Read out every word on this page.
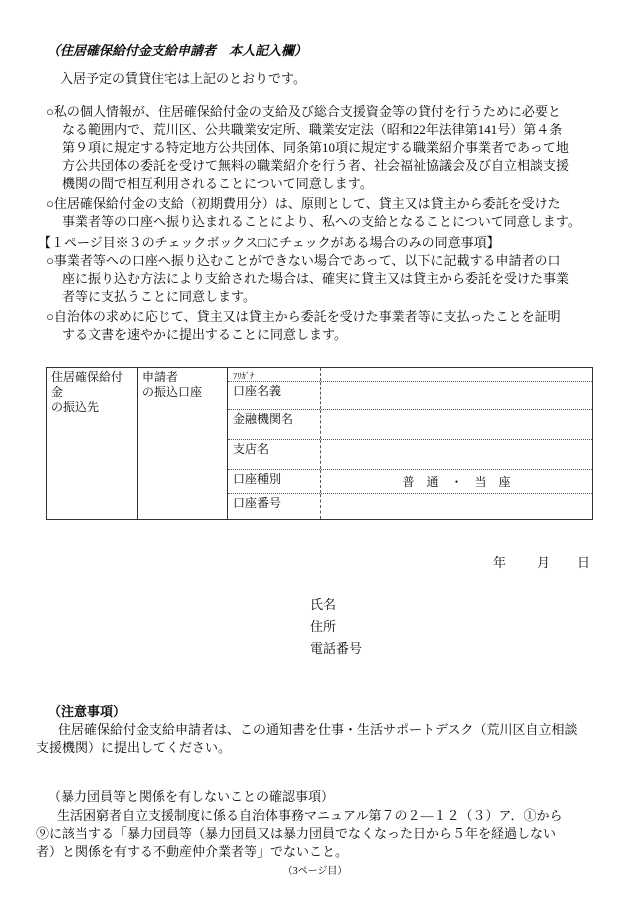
（住居確保給付金支給申請者　本人記入欄）
入居予定の賃貸住宅は上記のとおりです。
○私の個人情報が、住居確保給付金の支給及び総合支援資金等の貸付を行うために必要と
なる範囲内で、荒川区、公共職業安定所、職業安定法（昭和22年法律第141号）第４条
第９項に規定する特定地方公共団体、同条第10項に規定する職業紹介事業者であって地
方公共団体の委託を受けて無料の職業紹介を行う者、社会福祉協議会及び自立相談支援
機関の間で相互利用されることについて同意します。
○住居確保給付金の支給（初期費用分）は、原則として、貸主又は貸主から委託を受けた
事業者等の口座へ振り込まれることにより、私への支給となることについて同意します。
【１ページ目※３のチェックボックス□にチェックがある場合のみの同意事項】
○事業者等への口座へ振り込むことができない場合であって、以下に記載する申請者の口
座に振り込む方法により支給された場合は、確実に貸主又は貸主から委託を受けた事業
者等に支払うことに同意します。
○自治体の求めに応じて、貸主又は貸主から委託を受けた事業者等に支払ったことを証明
する文書を速やかに提出することに同意します。
住居確保給付金
の振込先
申請者
の振込口座
ﾌﾘｶﾞﾅ
口座名義
金融機関名
支店名
口座種別	普　通　・　当　座
口座番号
年 月 日
氏名
住所
電話番号
（注意事項）
住居確保給付金支給申請者は、この通知書を仕事・生活サポートデスク（荒川区自立相談
支援機関）に提出してください。
（暴力団員等と関係を有しないことの確認事項）
生活困窮者自立支援制度に係る自治体事務マニュアル第７の２―１２（３）ア．①から
⑨に該当する「暴力団員等（暴力団員又は暴力団員でなくなった日から５年を経過しない
者）と関係を有する不動産仲介業者等」でないこと。
（3ページ目）
